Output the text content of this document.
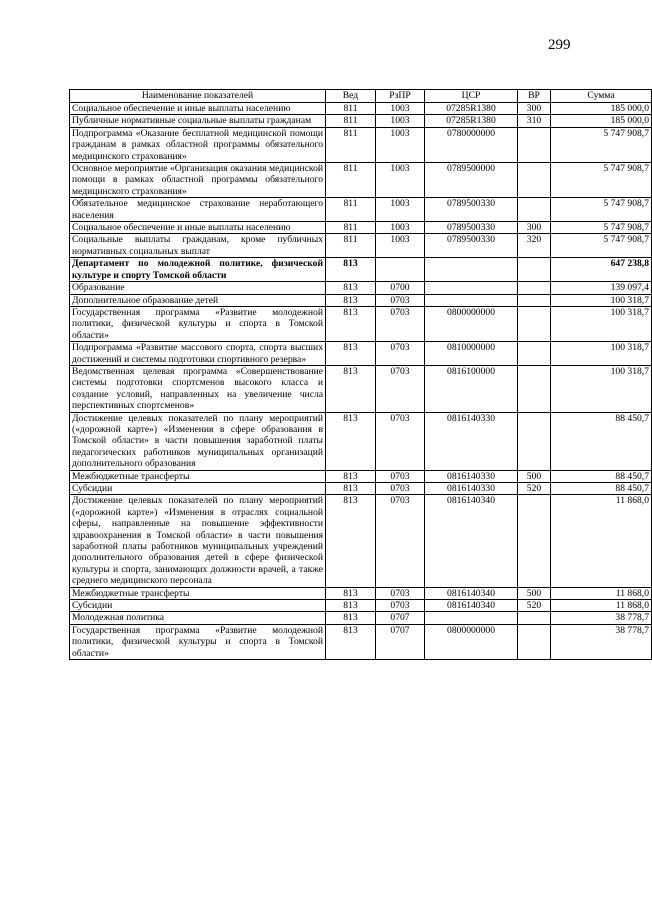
299
Наименование показателей	Вед	РзПР	ЦСР	ВР	Сумма
Социальное обеспечение и иные выплаты населению	811	1003	07285R1380	300	185 000,0
Публичные нормативные социальные выплаты гражданам	811	1003	07285R1380	310	185 000,0
Подпрограмма «Оказание бесплатной медицинской помощи гражданам в рамках областной программы обязательного медицинского страхования»	811	1003	0780000000		5 747 908,7
Основное мероприятие «Организация оказания медицинской помощи в рамках областной программы обязательного медицинского страхования»	811	1003	0789500000		5 747 908,7
Обязательное медицинское страхование неработающего населения	811	1003	0789500330		5 747 908,7
Социальное обеспечение и иные выплаты населению	811	1003	0789500330	300	5 747 908,7
Социальные выплаты гражданам, кроме публичных нормативных социальных выплат	811	1003	0789500330	320	5 747 908,7
Департамент по молодежной политике, физической культуре и спорту Томской области	813				647 238,8
Образование	813	0700			139 097,4
Дополнительное образование детей	813	0703			100 318,7
Государственная программа «Развитие молодежной политики, физической культуры и спорта в Томской области»	813	0703	0800000000		100 318,7
Подпрограмма «Развитие массового спорта, спорта высших достижений и системы подготовки спортивного резерва»	813	0703	0810000000		100 318,7
Ведомственная целевая программа «Совершенствование системы подготовки спортсменов высокого класса и создание условий, направленных на увеличение числа перспективных спортсменов»	813	0703	0816100000		100 318,7
Достижение целевых показателей по плану мероприятий («дорожной карте») «Изменения в сфере образования в Томской области» в части повышения заработной платы педагогических работников муниципальных организаций дополнительного образования	813	0703	0816140330		88 450,7
Межбюджетные трансферты	813	0703	0816140330	500	88 450,7
Субсидии	813	0703	0816140330	520	88 450,7
Достижение целевых показателей по плану мероприятий («дорожной карте») «Изменения в отраслях социальной сферы, направленные на повышение эффективности здравоохранения в Томской области» в части повышения заработной платы работников муниципальных учреждений дополнительного образования детей в сфере физической культуры и спорта, занимающих должности врачей, а также среднего медицинского персонала	813	0703	0816140340		11 868,0
Межбюджетные трансферты	813	0703	0816140340	500	11 868,0
Субсидии	813	0703	0816140340	520	11 868,0
Молодежная политика	813	0707			38 778,7
Государственная программа «Развитие молодежной политики, физической культуры и спорта в Томской области»	813	0707	0800000000		38 778,7
